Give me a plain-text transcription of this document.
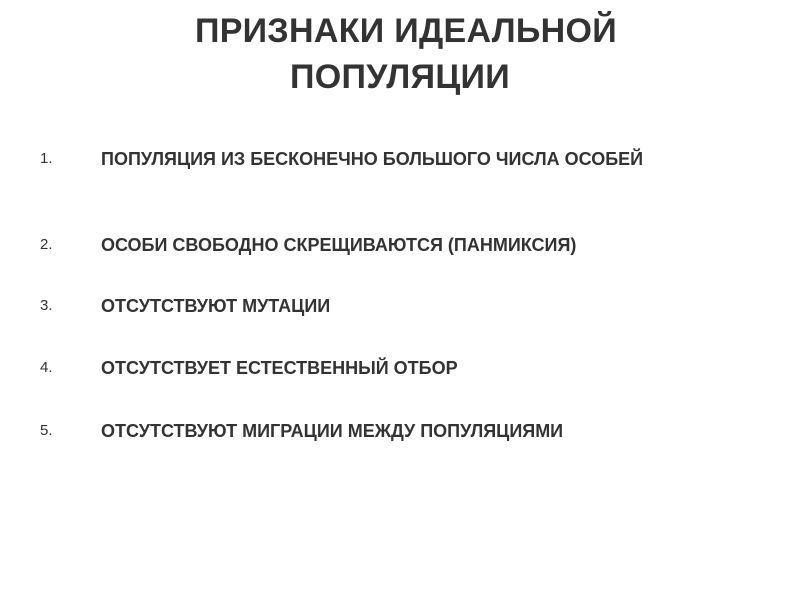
ПРИЗНАКИ ИДЕАЛЬНОЙ
ПОПУЛЯЦИИ
1.	ПОПУЛЯЦИЯ ИЗ БЕСКОНЕЧНО БОЛЬШОГО ЧИСЛА ОСОБЕЙ
2.	ОСОБИ СВОБОДНО СКРЕЩИВАЮТСЯ (ПАНМИКСИЯ)
3.	ОТСУТСТВУЮТ МУТАЦИИ
4.	ОТСУТСТВУЕТ ЕСТЕСТВЕННЫЙ ОТБОР
5.	ОТСУТСТВУЮТ МИГРАЦИИ МЕЖДУ ПОПУЛЯЦИЯМИ
